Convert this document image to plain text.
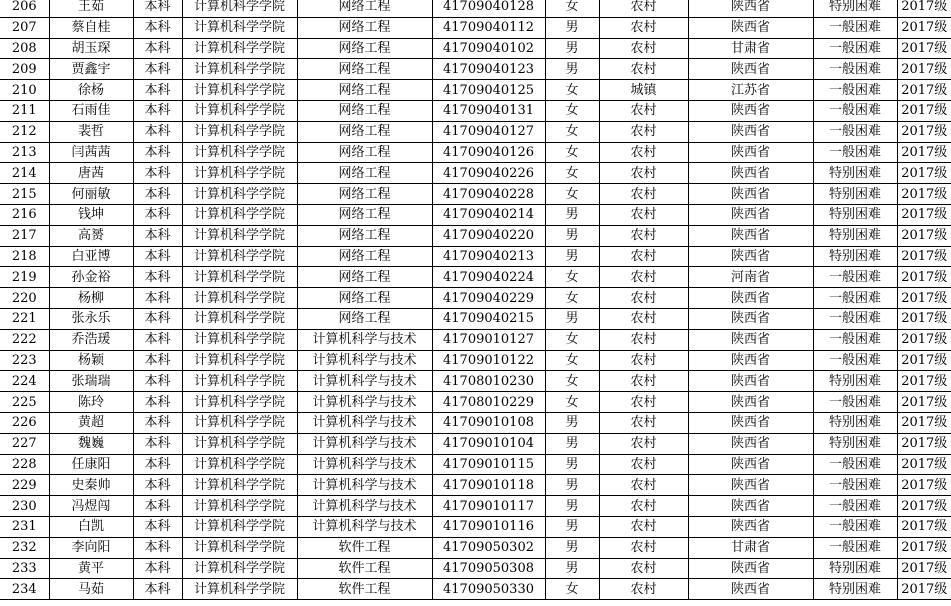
206	王茹	本科	计算机科学学院	网络工程	41709040128	女	农村	陕西省	特别困难	2017级
207	蔡自桂	本科	计算机科学学院	网络工程	41709040112	男	农村	陕西省	一般困难	2017级
208	胡玉琛	本科	计算机科学学院	网络工程	41709040102	男	农村	甘肃省	一般困难	2017级
209	贾鑫宇	本科	计算机科学学院	网络工程	41709040123	男	农村	陕西省	一般困难	2017级
210	徐杨	本科	计算机科学学院	网络工程	41709040125	女	城镇	江苏省	一般困难	2017级
211	石雨佳	本科	计算机科学学院	网络工程	41709040131	女	农村	陕西省	一般困难	2017级
212	裴哲	本科	计算机科学学院	网络工程	41709040127	女	农村	陕西省	一般困难	2017级
213	闫茜茜	本科	计算机科学学院	网络工程	41709040126	女	农村	陕西省	一般困难	2017级
214	唐茜	本科	计算机科学学院	网络工程	41709040226	女	农村	陕西省	特别困难	2017级
215	何丽敏	本科	计算机科学学院	网络工程	41709040228	女	农村	陕西省	特别困难	2017级
216	钱坤	本科	计算机科学学院	网络工程	41709040214	男	农村	陕西省	特别困难	2017级
217	高赟	本科	计算机科学学院	网络工程	41709040220	男	农村	陕西省	特别困难	2017级
218	白亚博	本科	计算机科学学院	网络工程	41709040213	男	农村	陕西省	特别困难	2017级
219	孙金裕	本科	计算机科学学院	网络工程	41709040224	女	农村	河南省	一般困难	2017级
220	杨柳	本科	计算机科学学院	网络工程	41709040229	女	农村	陕西省	一般困难	2017级
221	张永乐	本科	计算机科学学院	网络工程	41709040215	男	农村	陕西省	一般困难	2017级
222	乔浩瑗	本科	计算机科学学院	计算机科学与技术	41709010127	女	农村	陕西省	一般困难	2017级
223	杨颖	本科	计算机科学学院	计算机科学与技术	41709010122	女	农村	陕西省	一般困难	2017级
224	张瑞瑞	本科	计算机科学学院	计算机科学与技术	41708010230	女	农村	陕西省	特别困难	2017级
225	陈玲	本科	计算机科学学院	计算机科学与技术	41708010229	女	农村	陕西省	一般困难	2017级
226	黄超	本科	计算机科学学院	计算机科学与技术	41709010108	男	农村	陕西省	特别困难	2017级
227	魏巍	本科	计算机科学学院	计算机科学与技术	41709010104	男	农村	陕西省	特别困难	2017级
228	任康阳	本科	计算机科学学院	计算机科学与技术	41709010115	男	农村	陕西省	一般困难	2017级
229	史秦帅	本科	计算机科学学院	计算机科学与技术	41709010118	男	农村	陕西省	一般困难	2017级
230	冯煜闯	本科	计算机科学学院	计算机科学与技术	41709010117	男	农村	陕西省	一般困难	2017级
231	白凯	本科	计算机科学学院	计算机科学与技术	41709010116	男	农村	陕西省	一般困难	2017级
232	李向阳	本科	计算机科学学院	软件工程	41709050302	男	农村	甘肃省	一般困难	2017级
233	黄平	本科	计算机科学学院	软件工程	41709050308	男	农村	陕西省	特别困难	2017级
234	马茹	本科	计算机科学学院	软件工程	41709050330	女	农村	陕西省	特别困难	2017级
